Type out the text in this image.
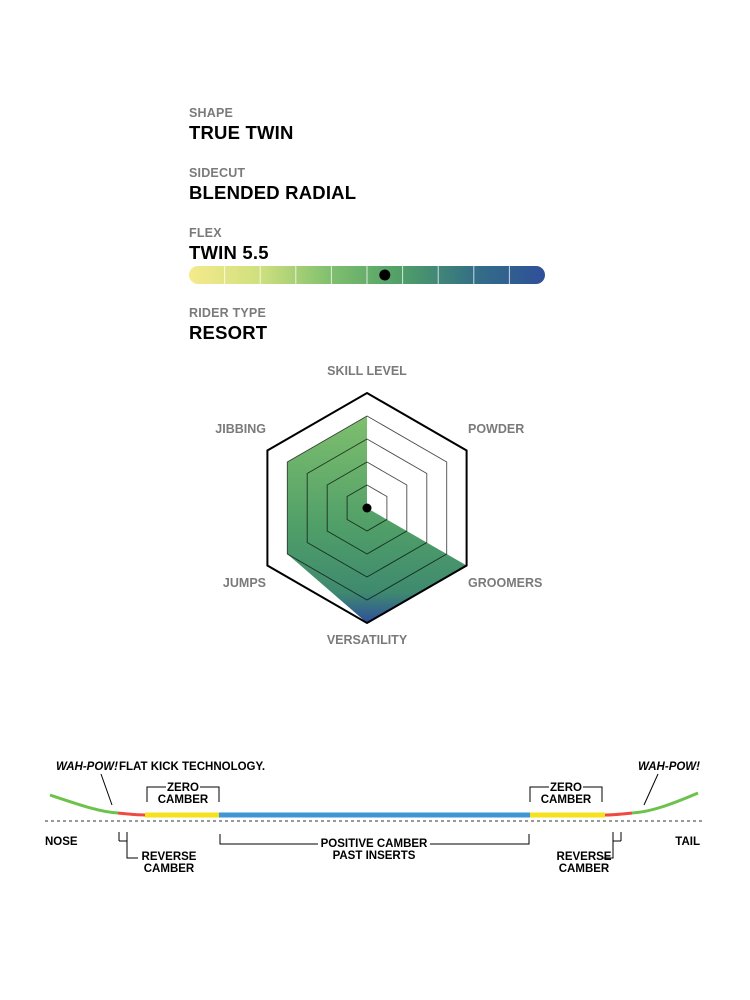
SHAPE
TRUE TWIN
SIDECUT
BLENDED RADIAL
FLEX
TWIN 5.5
RIDER TYPE
RESORT
SKILL LEVEL
POWDER
GROOMERS
VERSATILITY
JUMPS
JIBBING
WAH-POW! FLAT KICK TECHNOLOGY.	WAH-POW!
ZERO
CAMBER
ZERO
CAMBER
NOSE	TAIL
REVERSE
CAMBER
REVERSE
CAMBER
POSITIVE CAMBER
PAST INSERTS
